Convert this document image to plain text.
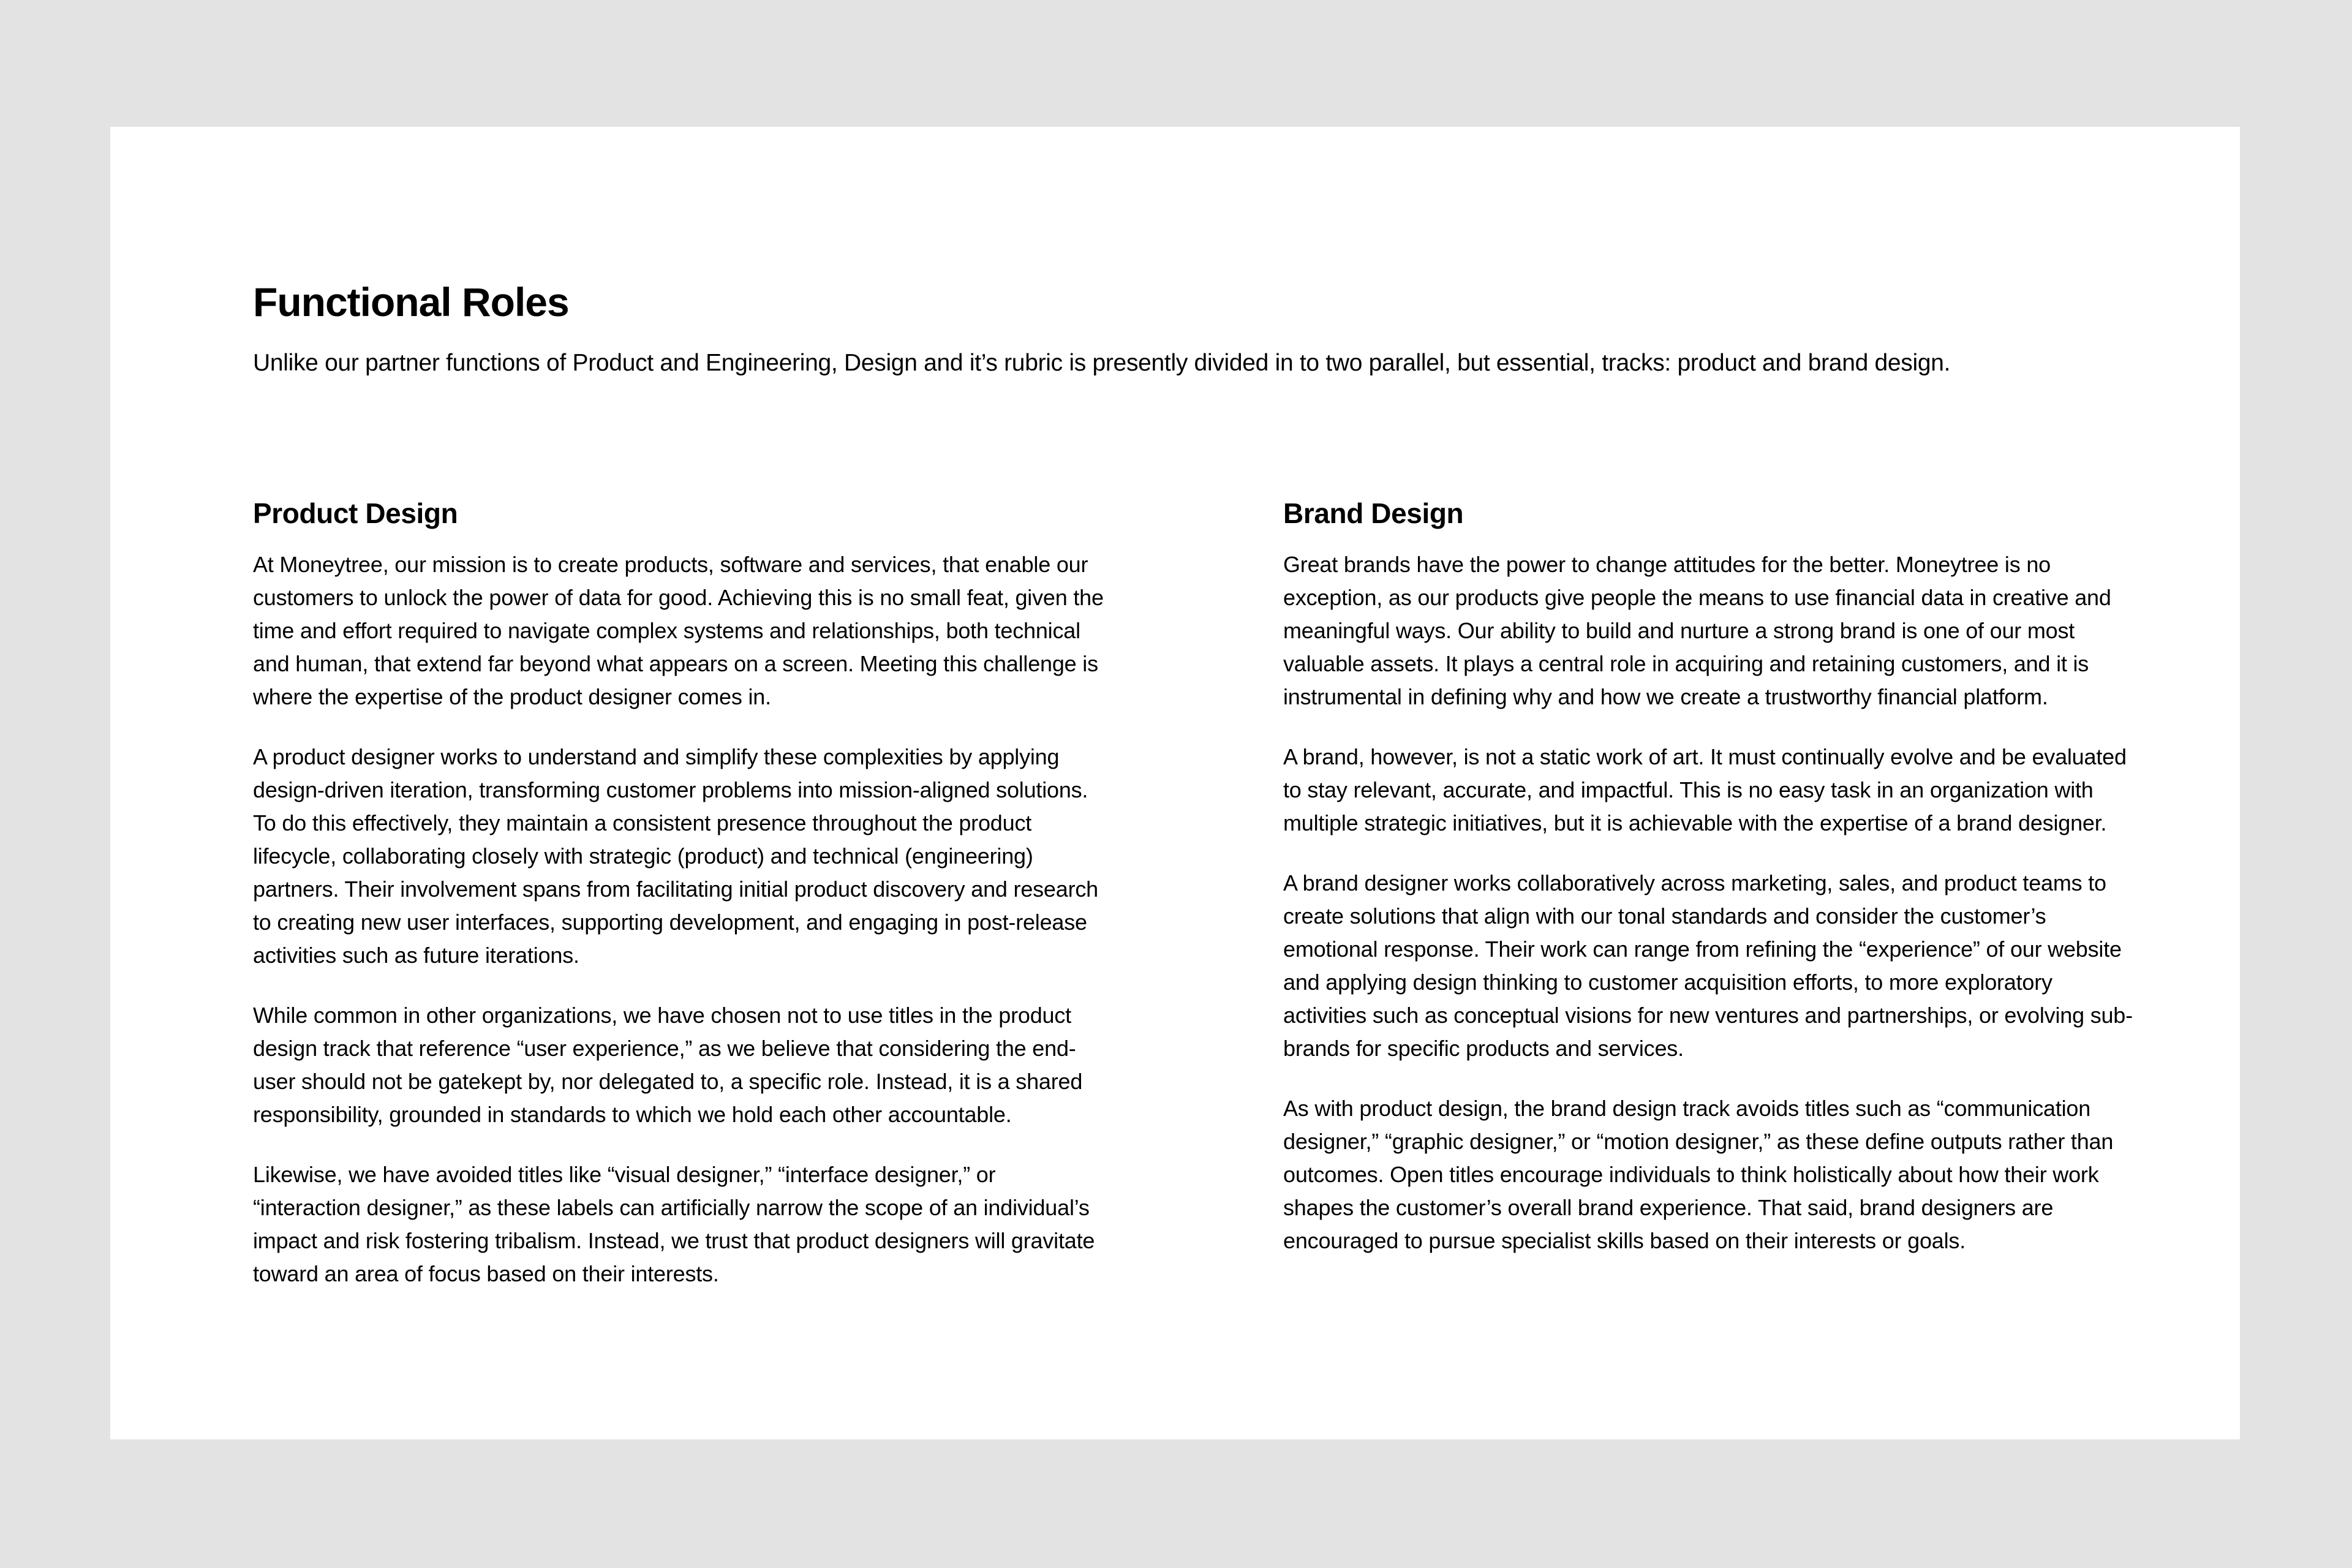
Functional Roles

Unlike our partner functions of Product and Engineering, Design and it’s rubric is presently divided in to two parallel, but essential, tracks: product and brand design.

Product Design

At Moneytree, our mission is to create products, software and services, that enable our customers to unlock the power of data for good. Achieving this is no small feat, given the time and effort required to navigate complex systems and relationships, both technical and human, that extend far beyond what appears on a screen. Meeting this challenge is where the expertise of the product designer comes in.

A product designer works to understand and simplify these complexities by applying design-driven iteration, transforming customer problems into mission-aligned solutions. To do this effectively, they maintain a consistent presence throughout the product lifecycle, collaborating closely with strategic (product) and technical (engineering) partners. Their involvement spans from facilitating initial product discovery and research to creating new user interfaces, supporting development, and engaging in post-release activities such as future iterations.

While common in other organizations, we have chosen not to use titles in the product design track that reference “user experience,” as we believe that considering the end-user should not be gatekept by, nor delegated to, a specific role. Instead, it is a shared responsibility, grounded in standards to which we hold each other accountable.

Likewise, we have avoided titles like “visual designer,” “interface designer,” or “interaction designer,” as these labels can artificially narrow the scope of an individual’s impact and risk fostering tribalism. Instead, we trust that product designers will gravitate toward an area of focus based on their interests.

Brand Design

Great brands have the power to change attitudes for the better. Moneytree is no exception, as our products give people the means to use financial data in creative and meaningful ways. Our ability to build and nurture a strong brand is one of our most valuable assets. It plays a central role in acquiring and retaining customers, and it is instrumental in defining why and how we create a trustworthy financial platform.

A brand, however, is not a static work of art. It must continually evolve and be evaluated to stay relevant, accurate, and impactful. This is no easy task in an organization with multiple strategic initiatives, but it is achievable with the expertise of a brand designer.

A brand designer works collaboratively across marketing, sales, and product teams to create solutions that align with our tonal standards and consider the customer’s emotional response. Their work can range from refining the “experience” of our website and applying design thinking to customer acquisition efforts, to more exploratory activities such as conceptual visions for new ventures and partnerships, or evolving sub-brands for specific products and services.

As with product design, the brand design track avoids titles such as “communication designer,” “graphic designer,” or “motion designer,” as these define outputs rather than outcomes. Open titles encourage individuals to think holistically about how their work shapes the customer’s overall brand experience. That said, brand designers are encouraged to pursue specialist skills based on their interests or goals.
